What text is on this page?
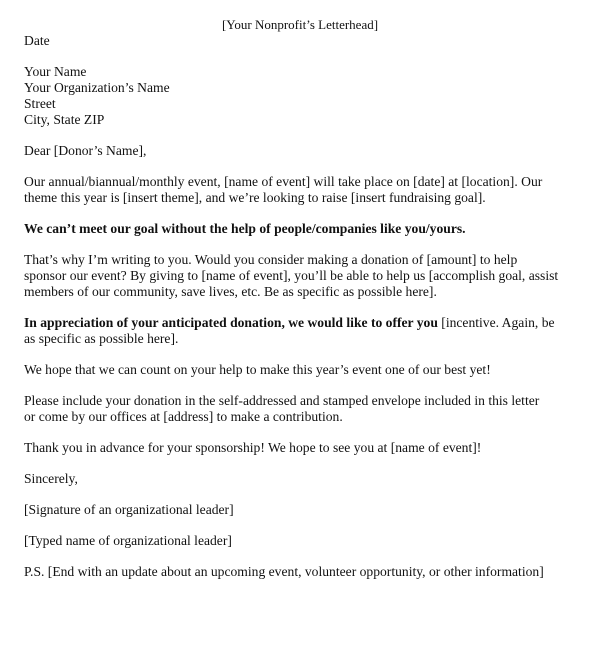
[Your Nonprofit’s Letterhead]
Date
Your Name
Your Organization’s Name
Street
City, State ZIP
Dear [Donor’s Name],
Our annual/biannual/monthly event, [name of event] will take place on [date] at [location]. Our
theme this year is [insert theme], and we’re looking to raise [insert fundraising goal].
We can’t meet our goal without the help of people/companies like you/yours.
That’s why I’m writing to you. Would you consider making a donation of [amount] to help
sponsor our event? By giving to [name of event], you’ll be able to help us [accomplish goal, assist
members of our community, save lives, etc. Be as specific as possible here].
In appreciation of your anticipated donation, we would like to offer you [incentive. Again, be
as specific as possible here].
We hope that we can count on your help to make this year’s event one of our best yet!
Please include your donation in the self-addressed and stamped envelope included in this letter
or come by our offices at [address] to make a contribution.
Thank you in advance for your sponsorship! We hope to see you at [name of event]!
Sincerely,
[Signature of an organizational leader]
[Typed name of organizational leader]
P.S. [End with an update about an upcoming event, volunteer opportunity, or other information]
